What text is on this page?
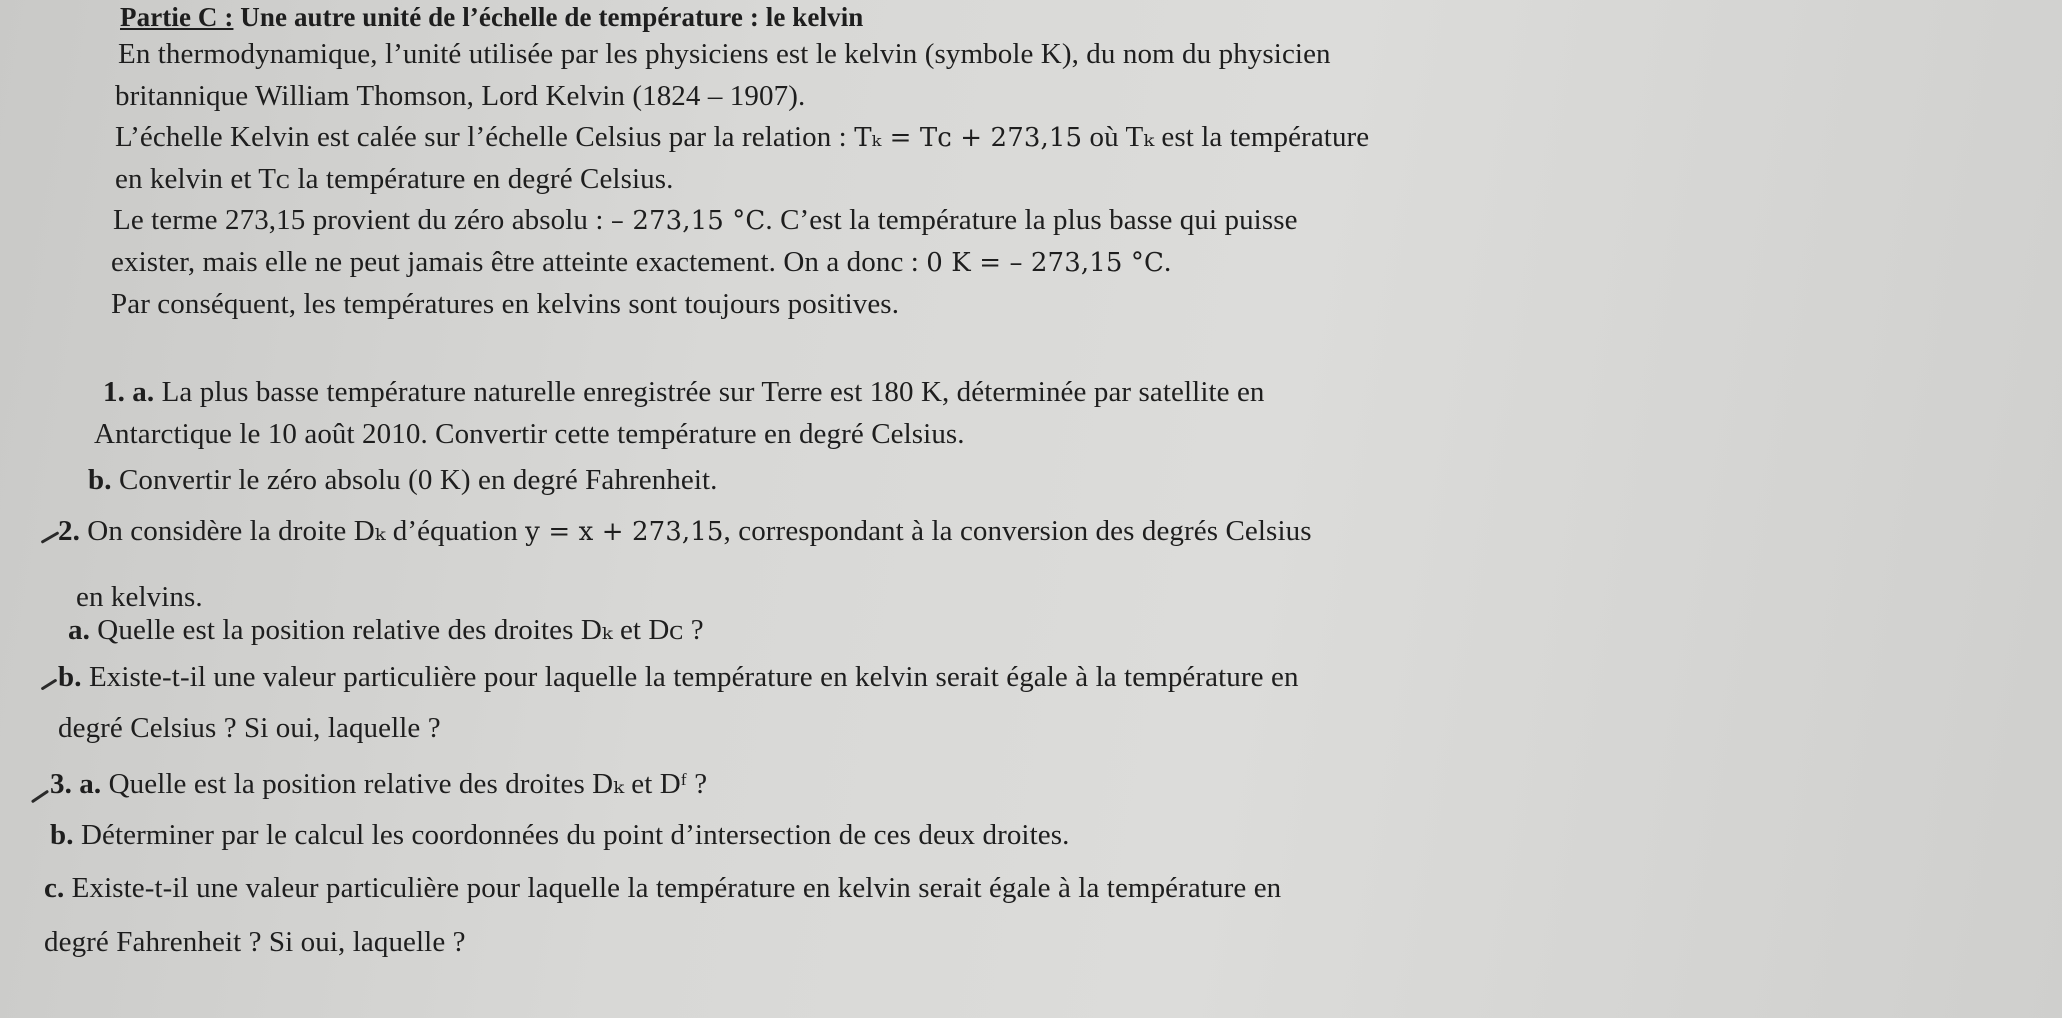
Partie C : Une autre unité de l’échelle de température : le kelvin
En thermodynamique, l’unité utilisée par les physiciens est le kelvin (symbole K), du nom du physicien
britannique William Thomson, Lord Kelvin (1824 – 1907).
L’échelle Kelvin est calée sur l’échelle Celsius par la relation : Tₖ = Tᴄ + 273,15 où Tₖ est la température
en kelvin et Tᴄ la température en degré Celsius.
Le terme 273,15 provient du zéro absolu : – 273,15 °C. C’est la température la plus basse qui puisse
exister, mais elle ne peut jamais être atteinte exactement. On a donc : 0 K = – 273,15 °C.
Par conséquent, les températures en kelvins sont toujours positives.
1. a. La plus basse température naturelle enregistrée sur Terre est 180 K, déterminée par satellite en
Antarctique le 10 août 2010. Convertir cette température en degré Celsius.
b. Convertir le zéro absolu (0 K) en degré Fahrenheit.
2. On considère la droite Dₖ d’équation y = x + 273,15, correspondant à la conversion des degrés Celsius
en kelvins.
a. Quelle est la position relative des droites Dₖ et Dᴄ ?
b. Existe-t-il une valeur particulière pour laquelle la température en kelvin serait égale à la température en
degré Celsius ? Si oui, laquelle ?
3. a. Quelle est la position relative des droites Dₖ et Dᶠ ?
b. Déterminer par le calcul les coordonnées du point d’intersection de ces deux droites.
c. Existe-t-il une valeur particulière pour laquelle la température en kelvin serait égale à la température en
degré Fahrenheit ? Si oui, laquelle ?
